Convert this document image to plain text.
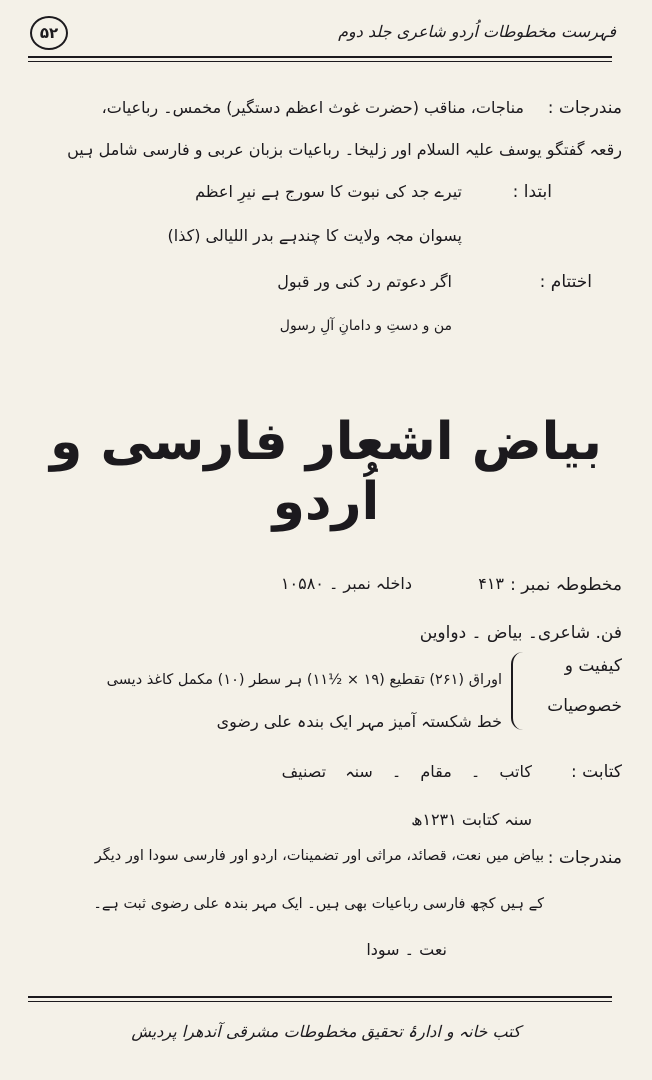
۵۲	فہرست مخطوطات اُردو شاعری جلد دوم
مندرجات :
مناجات، مناقب (حضرت غوث اعظم دستگیر) مخمس۔ رباعیات،
رقعہ گفتگو یوسف علیہ السلام اور زلیخا۔ رباعیات بزبان عربی و فارسی شامل ہیں
ابتدا :
تیرے جد کی نبوت کا سورج ہے نیرِ اعظم
پسوان مجہ ولایت کا چندہے بدر اللیالی (کذا)
اختتام :
اگر دعوتم رد کنی ور قبول
من و دستِ و دامانِ آلِ رسول
بیاض اشعار فارسی و اُردو
مخطوطہ نمبر :
۴۱۳
داخلہ نمبر ۔ ۱۰۵۸۰
فن. شاعری۔ بیاض ۔ دواوین
کیفیت و
خصوصیات
اوراق (۲۶۱) تقطیع (۱۹ × ½۱۱) ہر سطر (۱۰) مکمل کاغذ دیسی
خط شکستہ آمیز مہر ایک بندہ علی رضوی
کتابت :
کاتب ۔ مقام ۔ سنہ تصنیف
سنہ کتابت ۱۲۳۱ھ
مندرجات :
بیاض میں نعت، قصائد، مراثی اور تضمینات، اردو اور فارسی سودا اور دیگر
کے ہیں کچھ فارسی رباعیات بھی ہیں۔ ایک مہر بندہ علی رضوی ثبت ہے۔
نعت ۔ سودا
کتب خانہ و ادارۂ تحقیق مخطوطات مشرقی آندھرا پردیش
